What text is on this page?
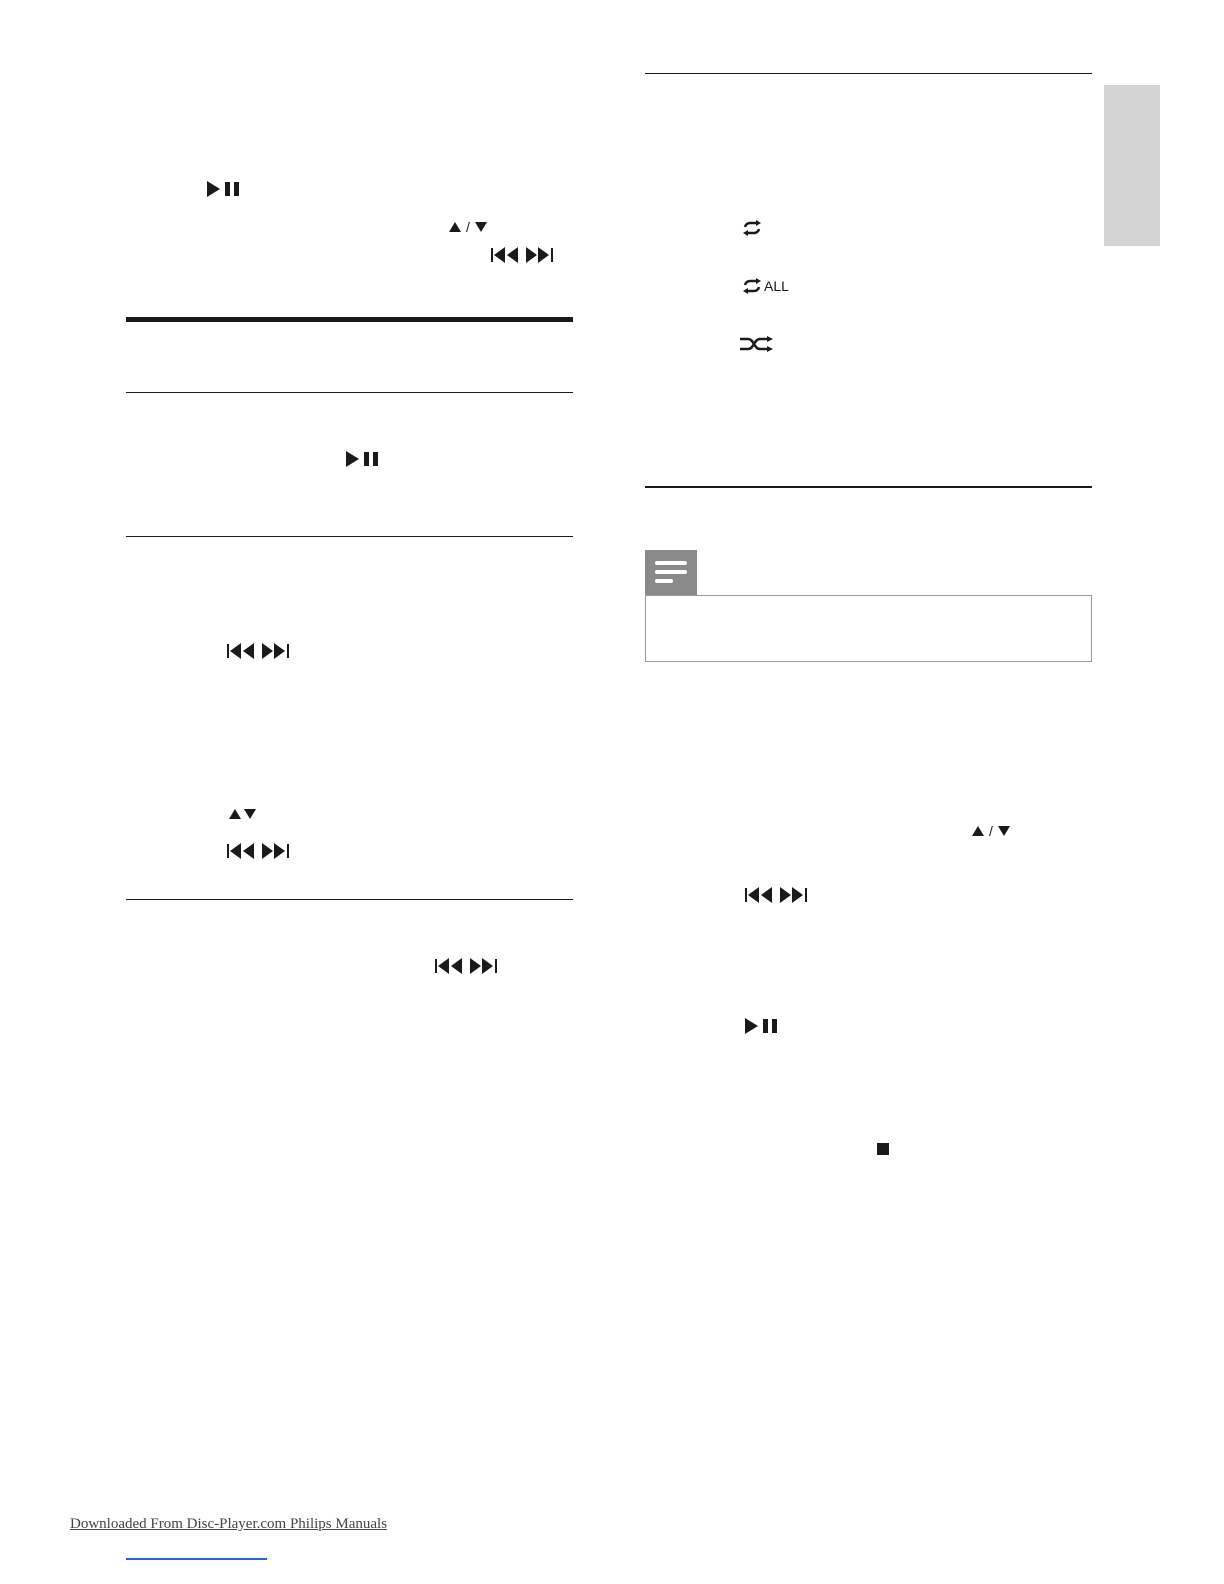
/
ALL
/
Downloaded From Disc-Player.com Philips Manuals
